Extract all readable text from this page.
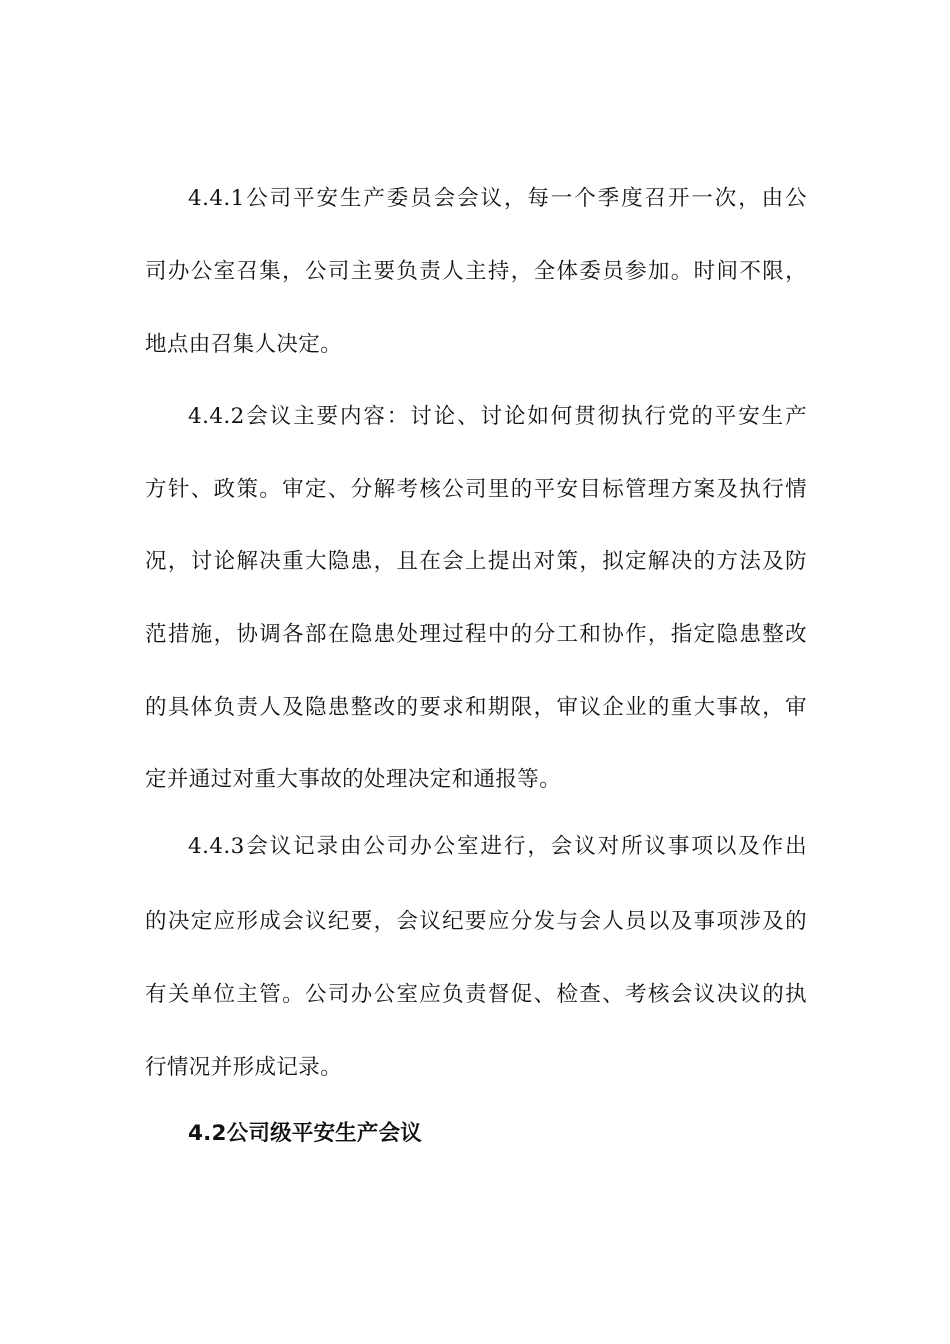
4.4.1公司平安生产委员会会议，每一个季度召开一次，由公
司办公室召集，公司主要负责人主持，全体委员参加。时间不限，
地点由召集人决定。
4.4.2会议主要内容：讨论、讨论如何贯彻执行党的平安生产
方针、政策。审定、分解考核公司里的平安目标管理方案及执行情
况，讨论解决重大隐患，且在会上提出对策，拟定解决的方法及防
范措施，协调各部在隐患处理过程中的分工和协作，指定隐患整改
的具体负责人及隐患整改的要求和期限，审议企业的重大事故，审
定并通过对重大事故的处理决定和通报等。
4.4.3会议记录由公司办公室进行，会议对所议事项以及作出
的决定应形成会议纪要，会议纪要应分发与会人员以及事项涉及的
有关单位主管。公司办公室应负责督促、检查、考核会议决议的执
行情况并形成记录。
4.2公司级平安生产会议
